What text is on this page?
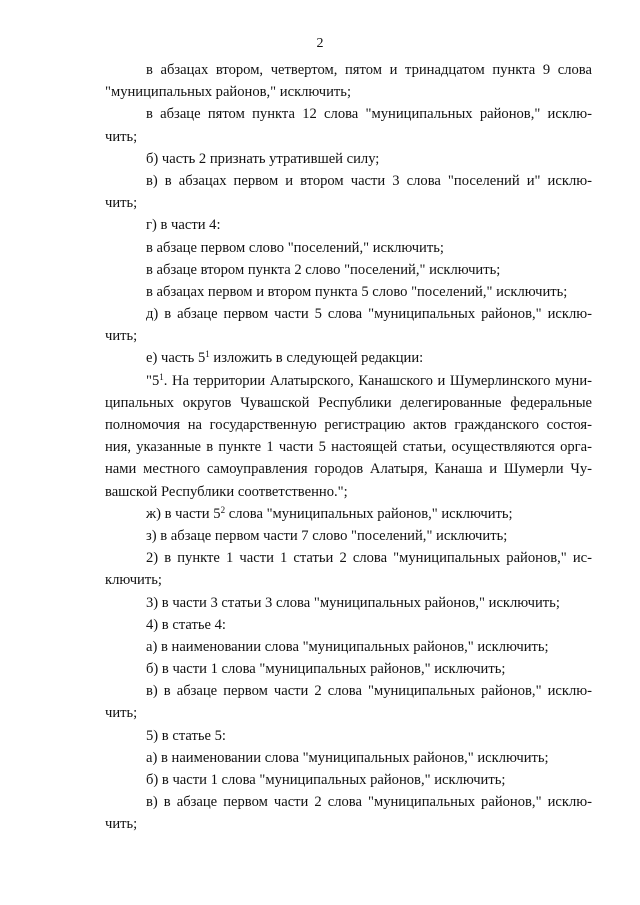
2
в абзацах втором, четвертом, пятом и тринадцатом пункта 9 слова
"муниципальных районов," исключить;
в абзаце пятом пункта 12 слова "муниципальных районов," исклю-
чить;
б) часть 2 признать утратившей силу;
в) в абзацах первом и втором части 3 слова "поселений и" исклю-
чить;
г) в части 4:
в абзаце первом слово "поселений," исключить;
в абзаце втором пункта 2 слово "поселений," исключить;
в абзацах первом и втором пункта 5 слово "поселений," исключить;
д) в абзаце первом части 5 слова "муниципальных районов," исклю-
чить;
е) часть $5^1$ изложить в следующей редакции:
"$5^1$. На территории Алатырского, Канашского и Шумерлинского муни-
ципальных округов Чувашской Республики делегированные федеральные
полномочия на государственную регистрацию актов гражданского состоя-
ния, указанные в пункте 1 части 5 настоящей статьи, осуществляются орга-
нами местного самоуправления городов Алатыря, Канаша и Шумерли Чу-
вашской Республики соответственно.";
ж) в части $5^2$ слова "муниципальных районов," исключить;
з) в абзаце первом части 7 слово "поселений," исключить;
2) в пункте 1 части 1 статьи 2 слова "муниципальных районов," ис-
ключить;
3) в части 3 статьи 3 слова "муниципальных районов," исключить;
4) в статье 4:
а) в наименовании слова "муниципальных районов," исключить;
б) в части 1 слова "муниципальных районов," исключить;
в) в абзаце первом части 2 слова "муниципальных районов," исклю-
чить;
5) в статье 5:
а) в наименовании слова "муниципальных районов," исключить;
б) в части 1 слова "муниципальных районов," исключить;
в) в абзаце первом части 2 слова "муниципальных районов," исклю-
чить;
